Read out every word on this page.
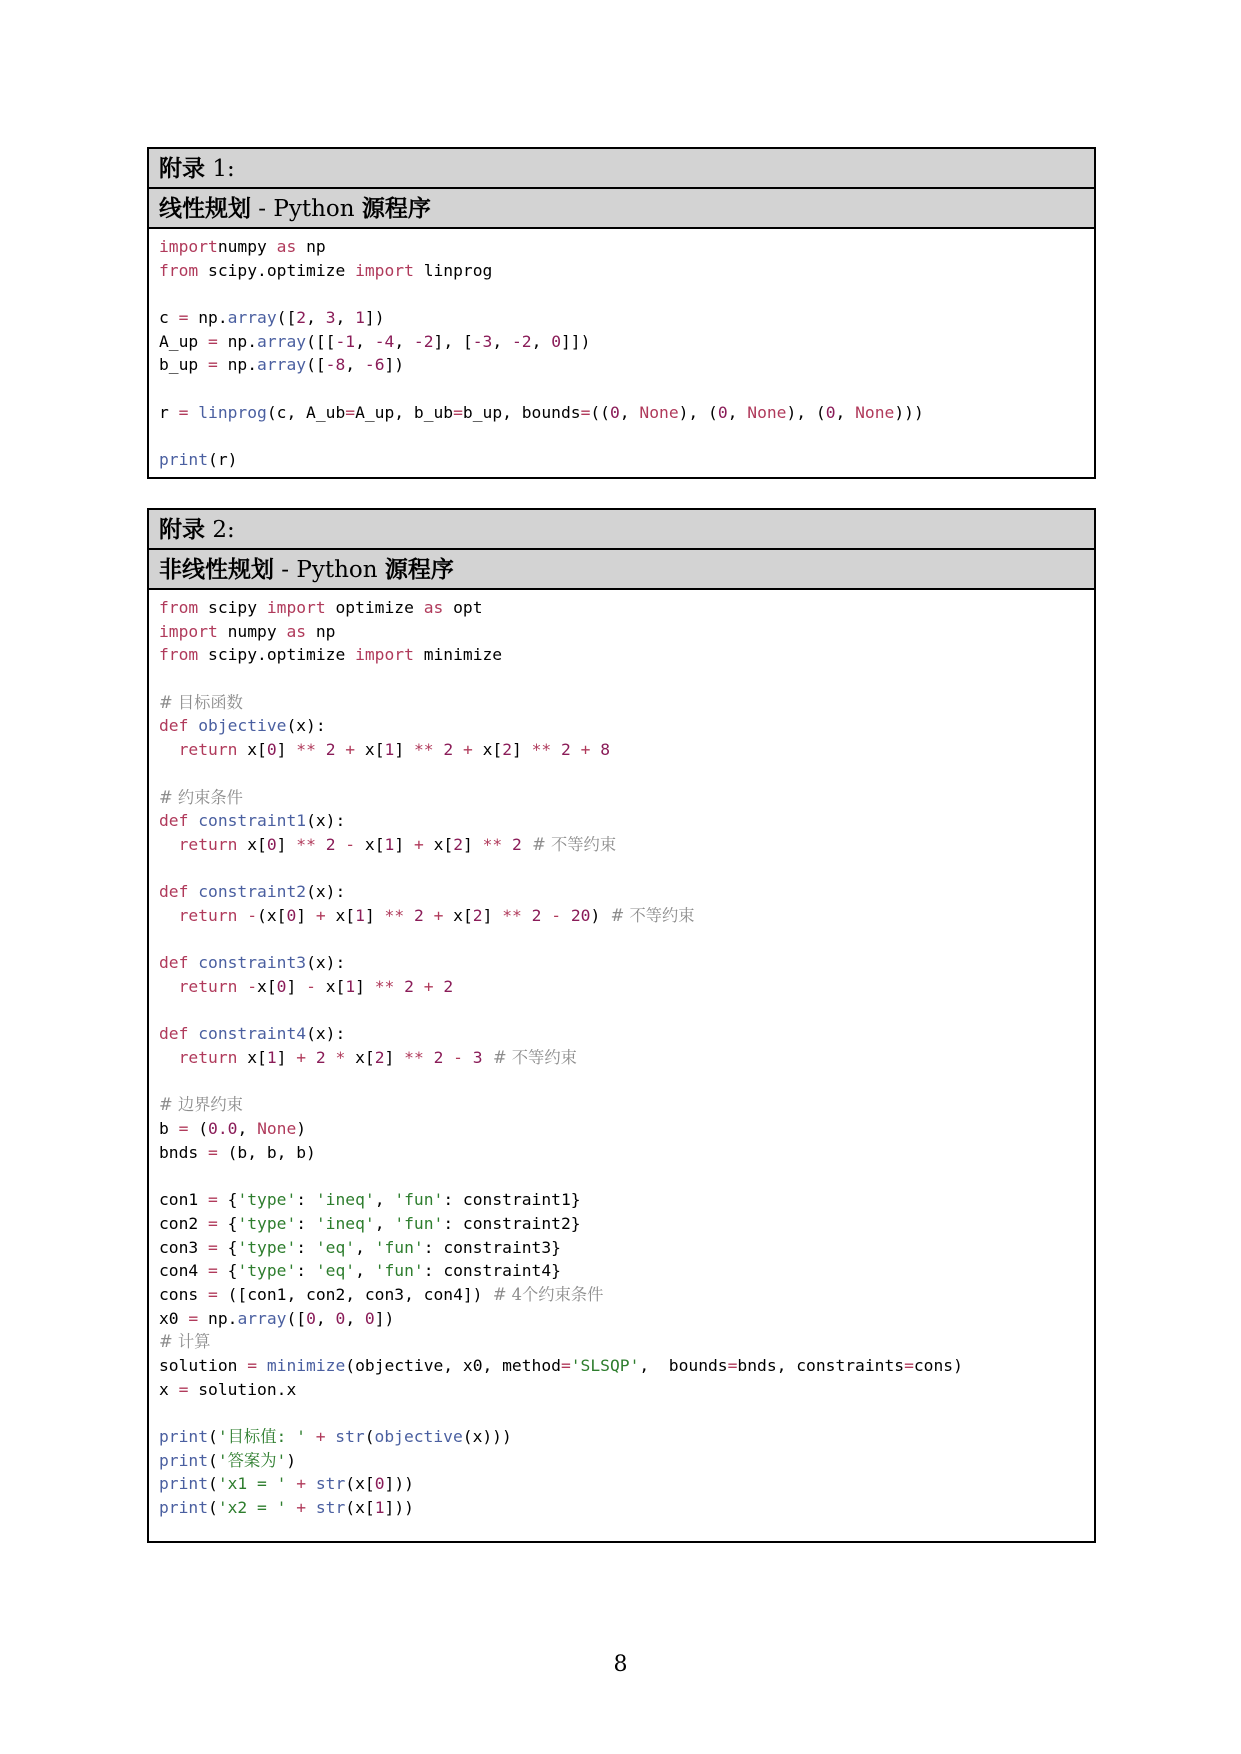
附录 1:
线性规划 - Python 源程序
importnumpy as np
from scipy.optimize import linprog
c = np.array([2, 3, 1])
A_up = np.array([[-1, -4, -2], [-3, -2, 0]])
b_up = np.array([-8, -6])
r = linprog(c, A_ub=A_up, b_ub=b_up, bounds=((0, None), (0, None), (0, None)))
print(r)
附录 2:
非线性规划 - Python 源程序
from scipy import optimize as opt
import numpy as np
from scipy.optimize import minimize
# 目标函数
def objective(x):
return x[0] ** 2 + x[1] ** 2 + x[2] ** 2 + 8
# 约束条件
def constraint1(x):
return x[0] ** 2 - x[1] + x[2] ** 2  # 不等约束
def constraint2(x):
return -(x[0] + x[1] ** 2 + x[2] ** 2 - 20)  # 不等约束
def constraint3(x):
return -x[0] - x[1] ** 2 + 2
def constraint4(x):
return x[1] + 2 * x[2] ** 2 - 3  # 不等约束
# 边界约束
b = (0.0, None)
bnds = (b, b, b)
con1 = {'type': 'ineq', 'fun': constraint1}
con2 = {'type': 'ineq', 'fun': constraint2}
con3 = {'type': 'eq', 'fun': constraint3}
con4 = {'type': 'eq', 'fun': constraint4}
cons = ([con1, con2, con3, con4])  # 4个约束条件
x0 = np.array([0, 0, 0])
# 计算
solution = minimize(objective, x0, method='SLSQP',  bounds=bnds, constraints=cons)
x = solution.x
print('目标值: ' + str(objective(x)))
print('答案为')
print('x1 = ' + str(x[0]))
print('x2 = ' + str(x[1]))
8
